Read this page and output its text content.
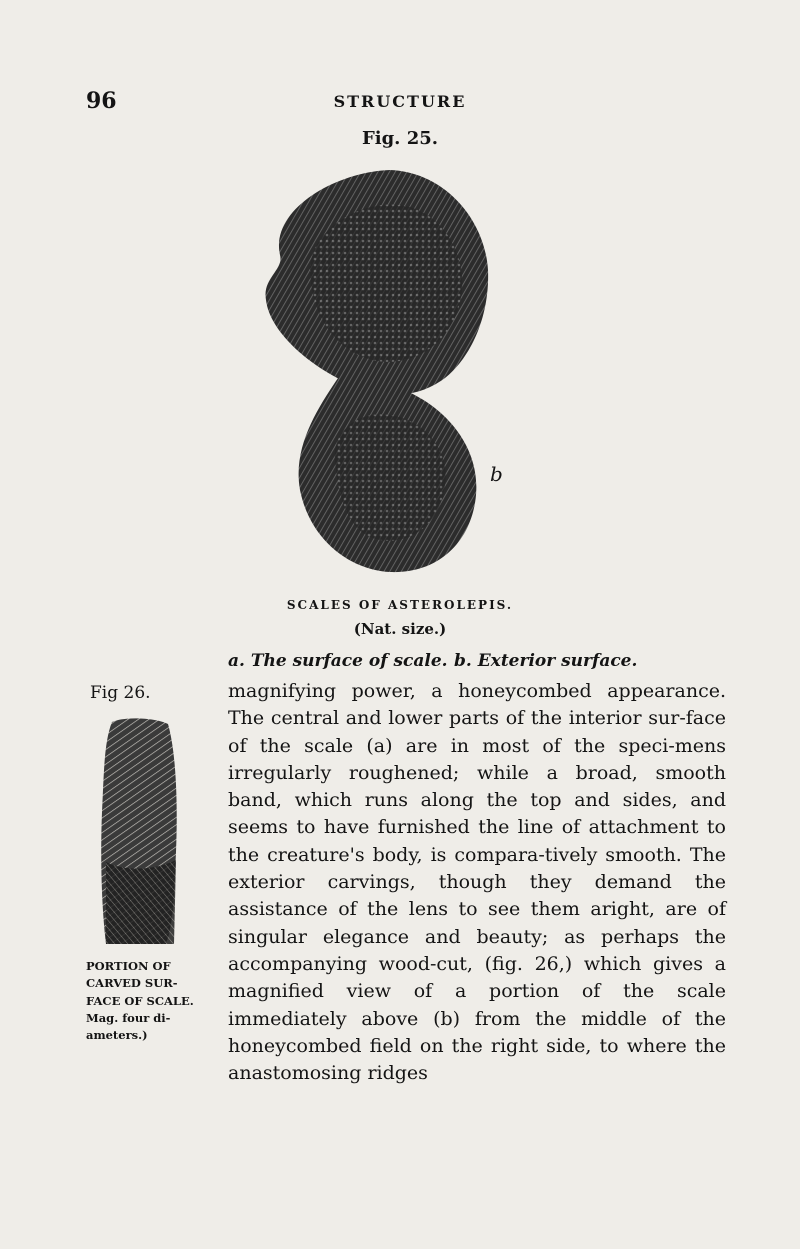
96	STRUCTURE
Fig. 25.
b
SCALES OF ASTEROLEPIS.
(Nat. size.)
a. The surface of scale. b. Exterior surface.
Fig 26.
PORTION OF CARVED SUR-FACE OF SCALE. Mag. four di-ameters.)

magnifying power, a honeycombed appearance. The central and lower parts of the interior sur-face of the scale (a) are in most of the speci-mens irregularly roughened; while a broad, smooth band, which runs along the top and sides, and seems to have furnished the line of attachment to the creature's body, is compara-tively smooth. The exterior carvings, though they demand the assistance of the lens to see them aright, are of singular elegance and beauty; as perhaps the accompanying wood-cut, (fig. 26,) which gives a magnified view of a portion of the scale immediately above (b) from the middle of the honeycombed field on the right side, to where the anastomosing ridges
